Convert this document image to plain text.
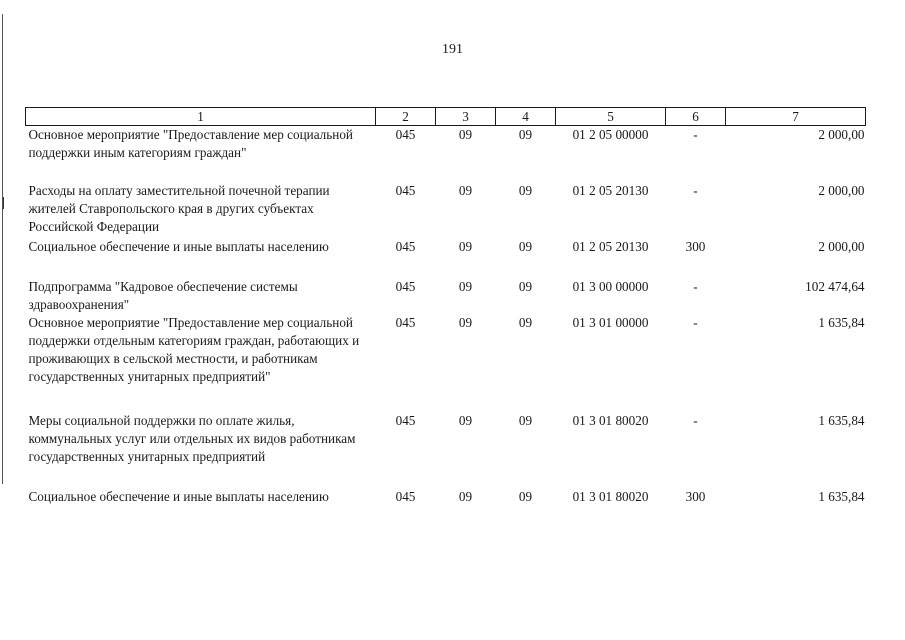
191
1	2	3	4	5	6	7
Основное мероприятие "Предоставление мер социальной поддержки иным категориям граждан"	045	09	09	01 2 05 00000	-	2 000,00
Расходы на оплату заместительной почечной терапии жителей Ставропольского края в других субъектах Российской Федерации	045	09	09	01 2 05 20130	-	2 000,00
Социальное обеспечение и иные выплаты населению	045	09	09	01 2 05 20130	300	2 000,00
Подпрограмма "Кадровое обеспечение системы здравоохранения"	045	09	09	01 3 00 00000	-	102 474,64
Основное мероприятие "Предоставление мер социальной поддержки отдельным категориям граждан, работающих и проживающих в сельской местности, и работникам государственных унитарных предприятий"	045	09	09	01 3 01 00000	-	1 635,84
Меры социальной поддержки по оплате жилья, коммунальных услуг или отдельных их видов работникам государственных унитарных предприятий	045	09	09	01 3 01 80020	-	1 635,84
Социальное обеспечение и иные выплаты населению	045	09	09	01 3 01 80020	300	1 635,84
